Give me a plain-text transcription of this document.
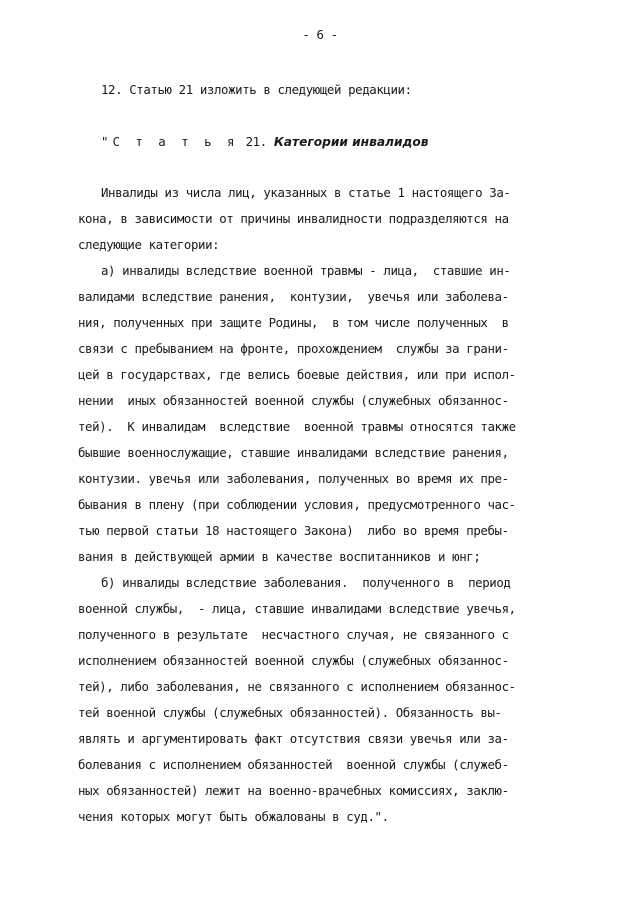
- 6 -
12. Статью 21 изложить в следующей редакции:
"С т а т ь я 21. Категории инвалидов
Инвалиды из числа лиц, указанных в статье 1 настоящего За-
кона, в зависимости от причины инвалидности подразделяются на
следующие категории:
а) инвалиды вследствие военной травмы - лица,  ставшие ин-
валидами вследствие ранения,  контузии,  увечья или заболева-
ния, полученных при защите Родины,  в том числе полученных  в
связи с пребыванием на фронте, прохождением  службы за грани-
цей в государствах, где велись боевые действия, или при испол-
нении  иных обязанностей военной службы (служебных обязаннос-
тей).  К инвалидам  вследствие  военной травмы относятся также
бывшие военнослужащие, ставшие инвалидами вследствие ранения,
контузии. увечья или заболевания, полученных во время их пре-
бывания в плену (при соблюдении условия, предусмотренного час-
тью первой статьи 18 настоящего Закона)  либо во время пребы-
вания в действующей армии в качестве воспитанников и юнг;
б) инвалиды вследствие заболевания.  полученного в  период
военной службы,  - лица, ставшие инвалидами вследствие увечья,
полученного в результате  несчастного случая, не связанного с
исполнением обязанностей военной службы (служебных обязаннос-
тей), либо заболевания, не связанного с исполнением обязаннос-
тей военной службы (служебных обязанностей). Обязанность вы-
являть и аргументировать факт отсутствия связи увечья или за-
болевания с исполнением обязанностей  военной службы (служеб-
ных обязанностей) лежит на военно-врачебных комиссиях, заклю-
чения которых могут быть обжалованы в суд.".
